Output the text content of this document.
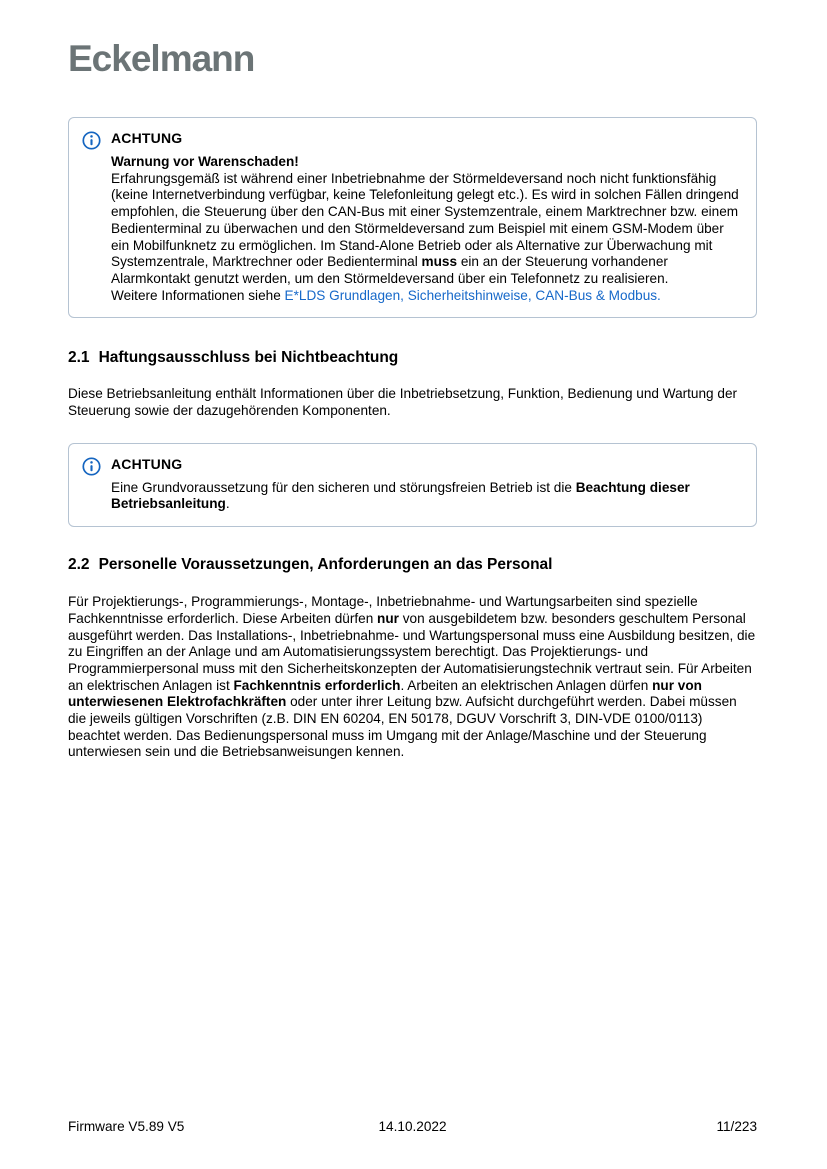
Eckelmann
ACHTUNG
Warnung vor Warenschaden!

Erfahrungsgemäß ist während einer Inbetriebnahme der Störmeldeversand noch nicht funktionsfähig (keine Internetverbindung verfügbar, keine Telefonleitung gelegt etc.). Es wird in solchen Fällen dringend empfohlen, die Steuerung über den CAN-Bus mit einer Systemzentrale, einem Marktrechner bzw. einem Bedienterminal zu überwachen und den Störmeldeversand zum Beispiel mit einem GSM-Modem über ein Mobilfunknetz zu ermöglichen. Im Stand-Alone Betrieb oder als Alternative zur Überwachung mit Systemzentrale, Marktrechner oder Bedienterminal muss ein an der Steuerung vorhandener Alarmkontakt genutzt werden, um den Störmeldeversand über ein Telefonnetz zu realisieren.

Weitere Informationen siehe E*LDS Grundlagen, Sicherheitshinweise, CAN-Bus & Modbus.

2.1 Haftungsausschluss bei Nichtbeachtung

Diese Betriebsanleitung enthält Informationen über die Inbetriebsetzung, Funktion, Bedienung und Wartung der Steuerung sowie der dazugehörenden Komponenten.

ACHTUNG

Eine Grundvoraussetzung für den sicheren und störungsfreien Betrieb ist die Beachtung dieser Betriebsanleitung.

2.2 Personelle Voraussetzungen, Anforderungen an das Personal

Für Projektierungs-, Programmierungs-, Montage-, Inbetriebnahme- und Wartungsarbeiten sind spezielle Fachkenntnisse erforderlich. Diese Arbeiten dürfen nur von ausgebildetem bzw. besonders geschultem Personal ausgeführt werden. Das Installations-, Inbetriebnahme- und Wartungspersonal muss eine Ausbildung besitzen, die zu Eingriffen an der Anlage und am Automatisierungssystem berechtigt. Das Projektierungs- und Programmierpersonal muss mit den Sicherheitskonzepten der Automatisierungstechnik vertraut sein. Für Arbeiten an elektrischen Anlagen ist Fachkenntnis erforderlich. Arbeiten an elektrischen Anlagen dürfen nur von unterwiesenen Elektrofachkräften oder unter ihrer Leitung bzw. Aufsicht durchgeführt werden. Dabei müssen die jeweils gültigen Vorschriften (z.B. DIN EN 60204, EN 50178, DGUV Vorschrift 3, DIN-VDE 0100/0113) beachtet werden. Das Bedienungspersonal muss im Umgang mit der Anlage/Maschine und der Steuerung unterwiesen sein und die Betriebsanweisungen kennen.

Firmware V5.89 V5	14.10.2022	11/223
